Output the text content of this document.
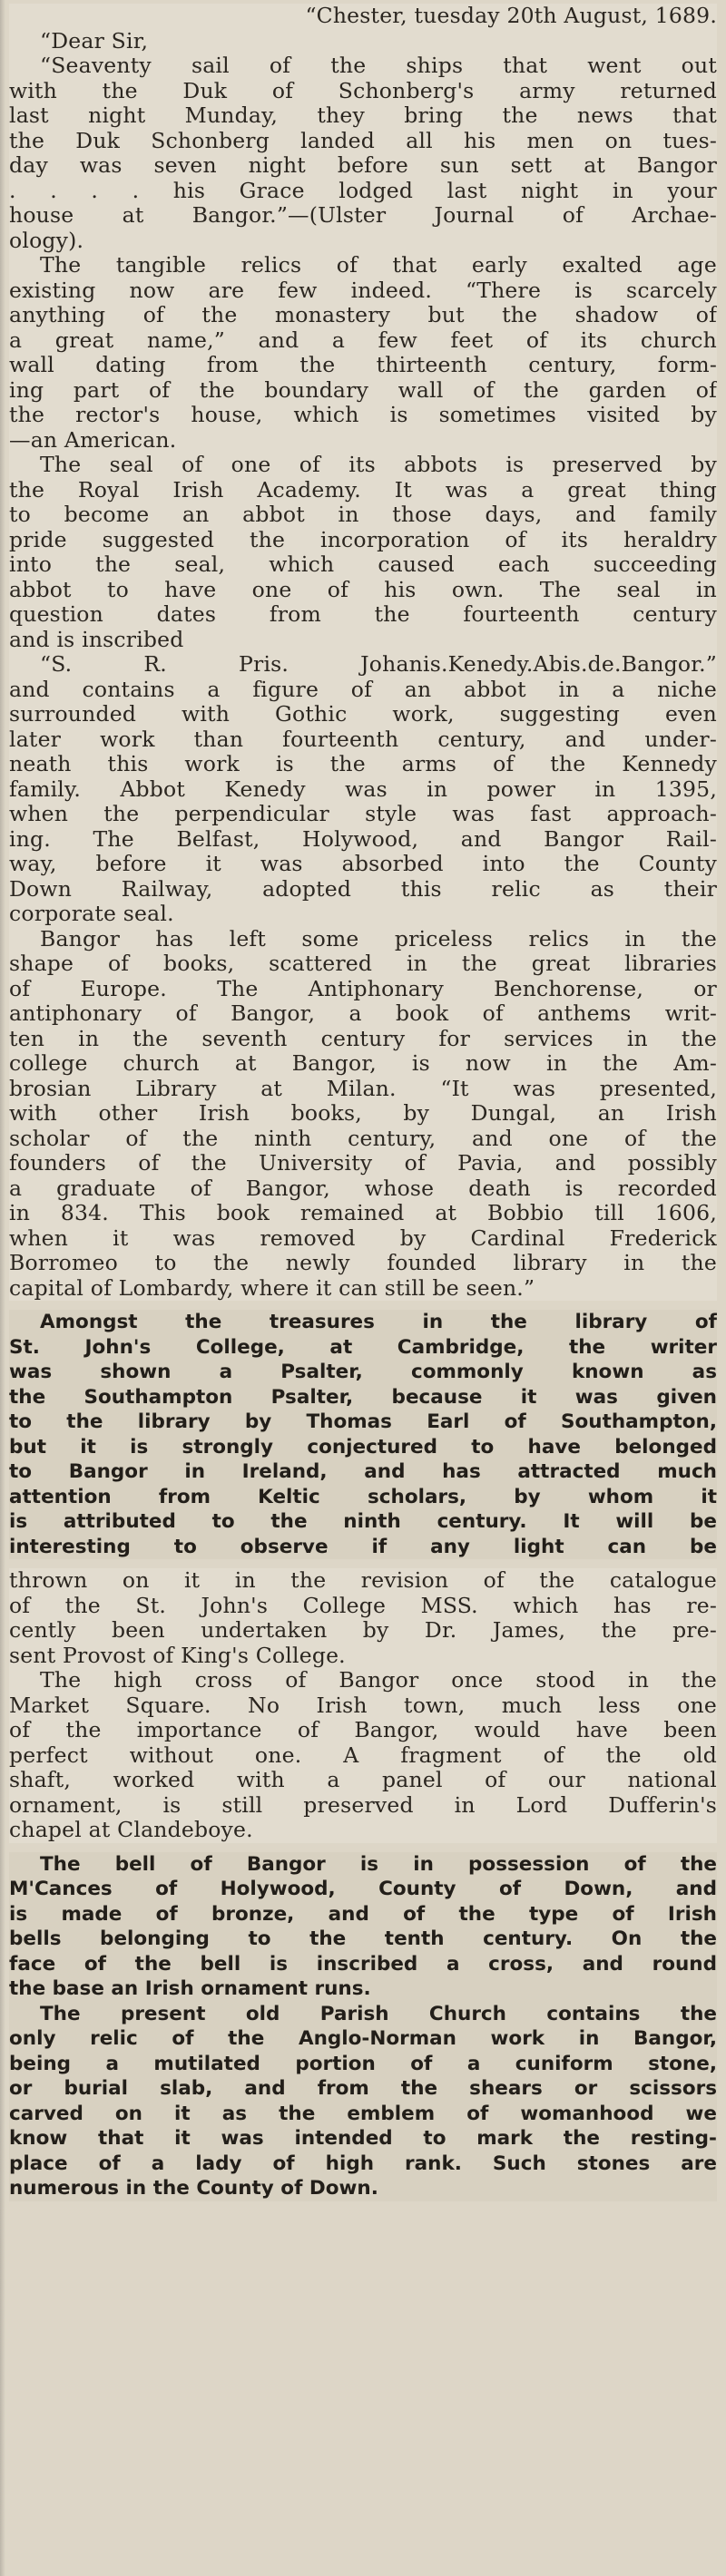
“Chester, tuesday 20th August, 1689.
“Dear Sir,
“Seaventy sail of the ships that went out
with the Duk of Schonberg's army returned
last night Munday, they bring the news that
the Duk Schonberg landed all his men on tues-
day was seven night before sun sett at Bangor
. . . . his Grace lodged last night in your
house at Bangor.”—(Ulster Journal of Archae-
ology).
The tangible relics of that early exalted age
existing now are few indeed. “There is scarcely
anything of the monastery but the shadow of
a great name,” and a few feet of its church
wall dating from the thirteenth century, form-
ing part of the boundary wall of the garden of
the rector's house, which is sometimes visited by
—an American.
The seal of one of its abbots is preserved by
the Royal Irish Academy. It was a great thing
to become an abbot in those days, and family
pride suggested the incorporation of its heraldry
into the seal, which caused each succeeding
abbot to have one of his own. The seal in
question dates from the fourteenth century
and is inscribed
“S. R. Pris. Johanis.Kenedy.Abis.de.Bangor.”
and contains a figure of an abbot in a niche
surrounded with Gothic work, suggesting even
later work than fourteenth century, and under-
neath this work is the arms of the Kennedy
family. Abbot Kenedy was in power in 1395,
when the perpendicular style was fast approach-
ing. The Belfast, Holywood, and Bangor Rail-
way, before it was absorbed into the County
Down Railway, adopted this relic as their
corporate seal.
Bangor has left some priceless relics in the
shape of books, scattered in the great libraries
of Europe. The Antiphonary Benchorense, or
antiphonary of Bangor, a book of anthems writ-
ten in the seventh century for services in the
college church at Bangor, is now in the Am-
brosian Library at Milan. “It was presented,
with other Irish books, by Dungal, an Irish
scholar of the ninth century, and one of the
founders of the University of Pavia, and possibly
a graduate of Bangor, whose death is recorded
in 834. This book remained at Bobbio till 1606,
when it was removed by Cardinal Frederick
Borromeo to the newly founded library in the
capital of Lombardy, where it can still be seen.”
Amongst the treasures in the library of
St. John's College, at Cambridge, the writer
was shown a Psalter, commonly known as
the Southampton Psalter, because it was given
to the library by Thomas Earl of Southampton,
but it is strongly conjectured to have belonged
to Bangor in Ireland, and has attracted much
attention from Keltic scholars, by whom it
is attributed to the ninth century. It will be
interesting to observe if any light can be
thrown on it in the revision of the catalogue
of the St. John's College MSS. which has re-
cently been undertaken by Dr. James, the pre-
sent Provost of King's College.
The high cross of Bangor once stood in the
Market Square. No Irish town, much less one
of the importance of Bangor, would have been
perfect without one. A fragment of the old
shaft, worked with a panel of our national
ornament, is still preserved in Lord Dufferin's
chapel at Clandeboye.
The bell of Bangor is in possession of the
M'Cances of Holywood, County of Down, and
is made of bronze, and of the type of Irish
bells belonging to the tenth century. On the
face of the bell is inscribed a cross, and round
the base an Irish ornament runs.
The present old Parish Church contains the
only relic of the Anglo-Norman work in Bangor,
being a mutilated portion of a cuniform stone,
or burial slab, and from the shears or scissors
carved on it as the emblem of womanhood we
know that it was intended to mark the resting-
place of a lady of high rank. Such stones are
numerous in the County of Down.
